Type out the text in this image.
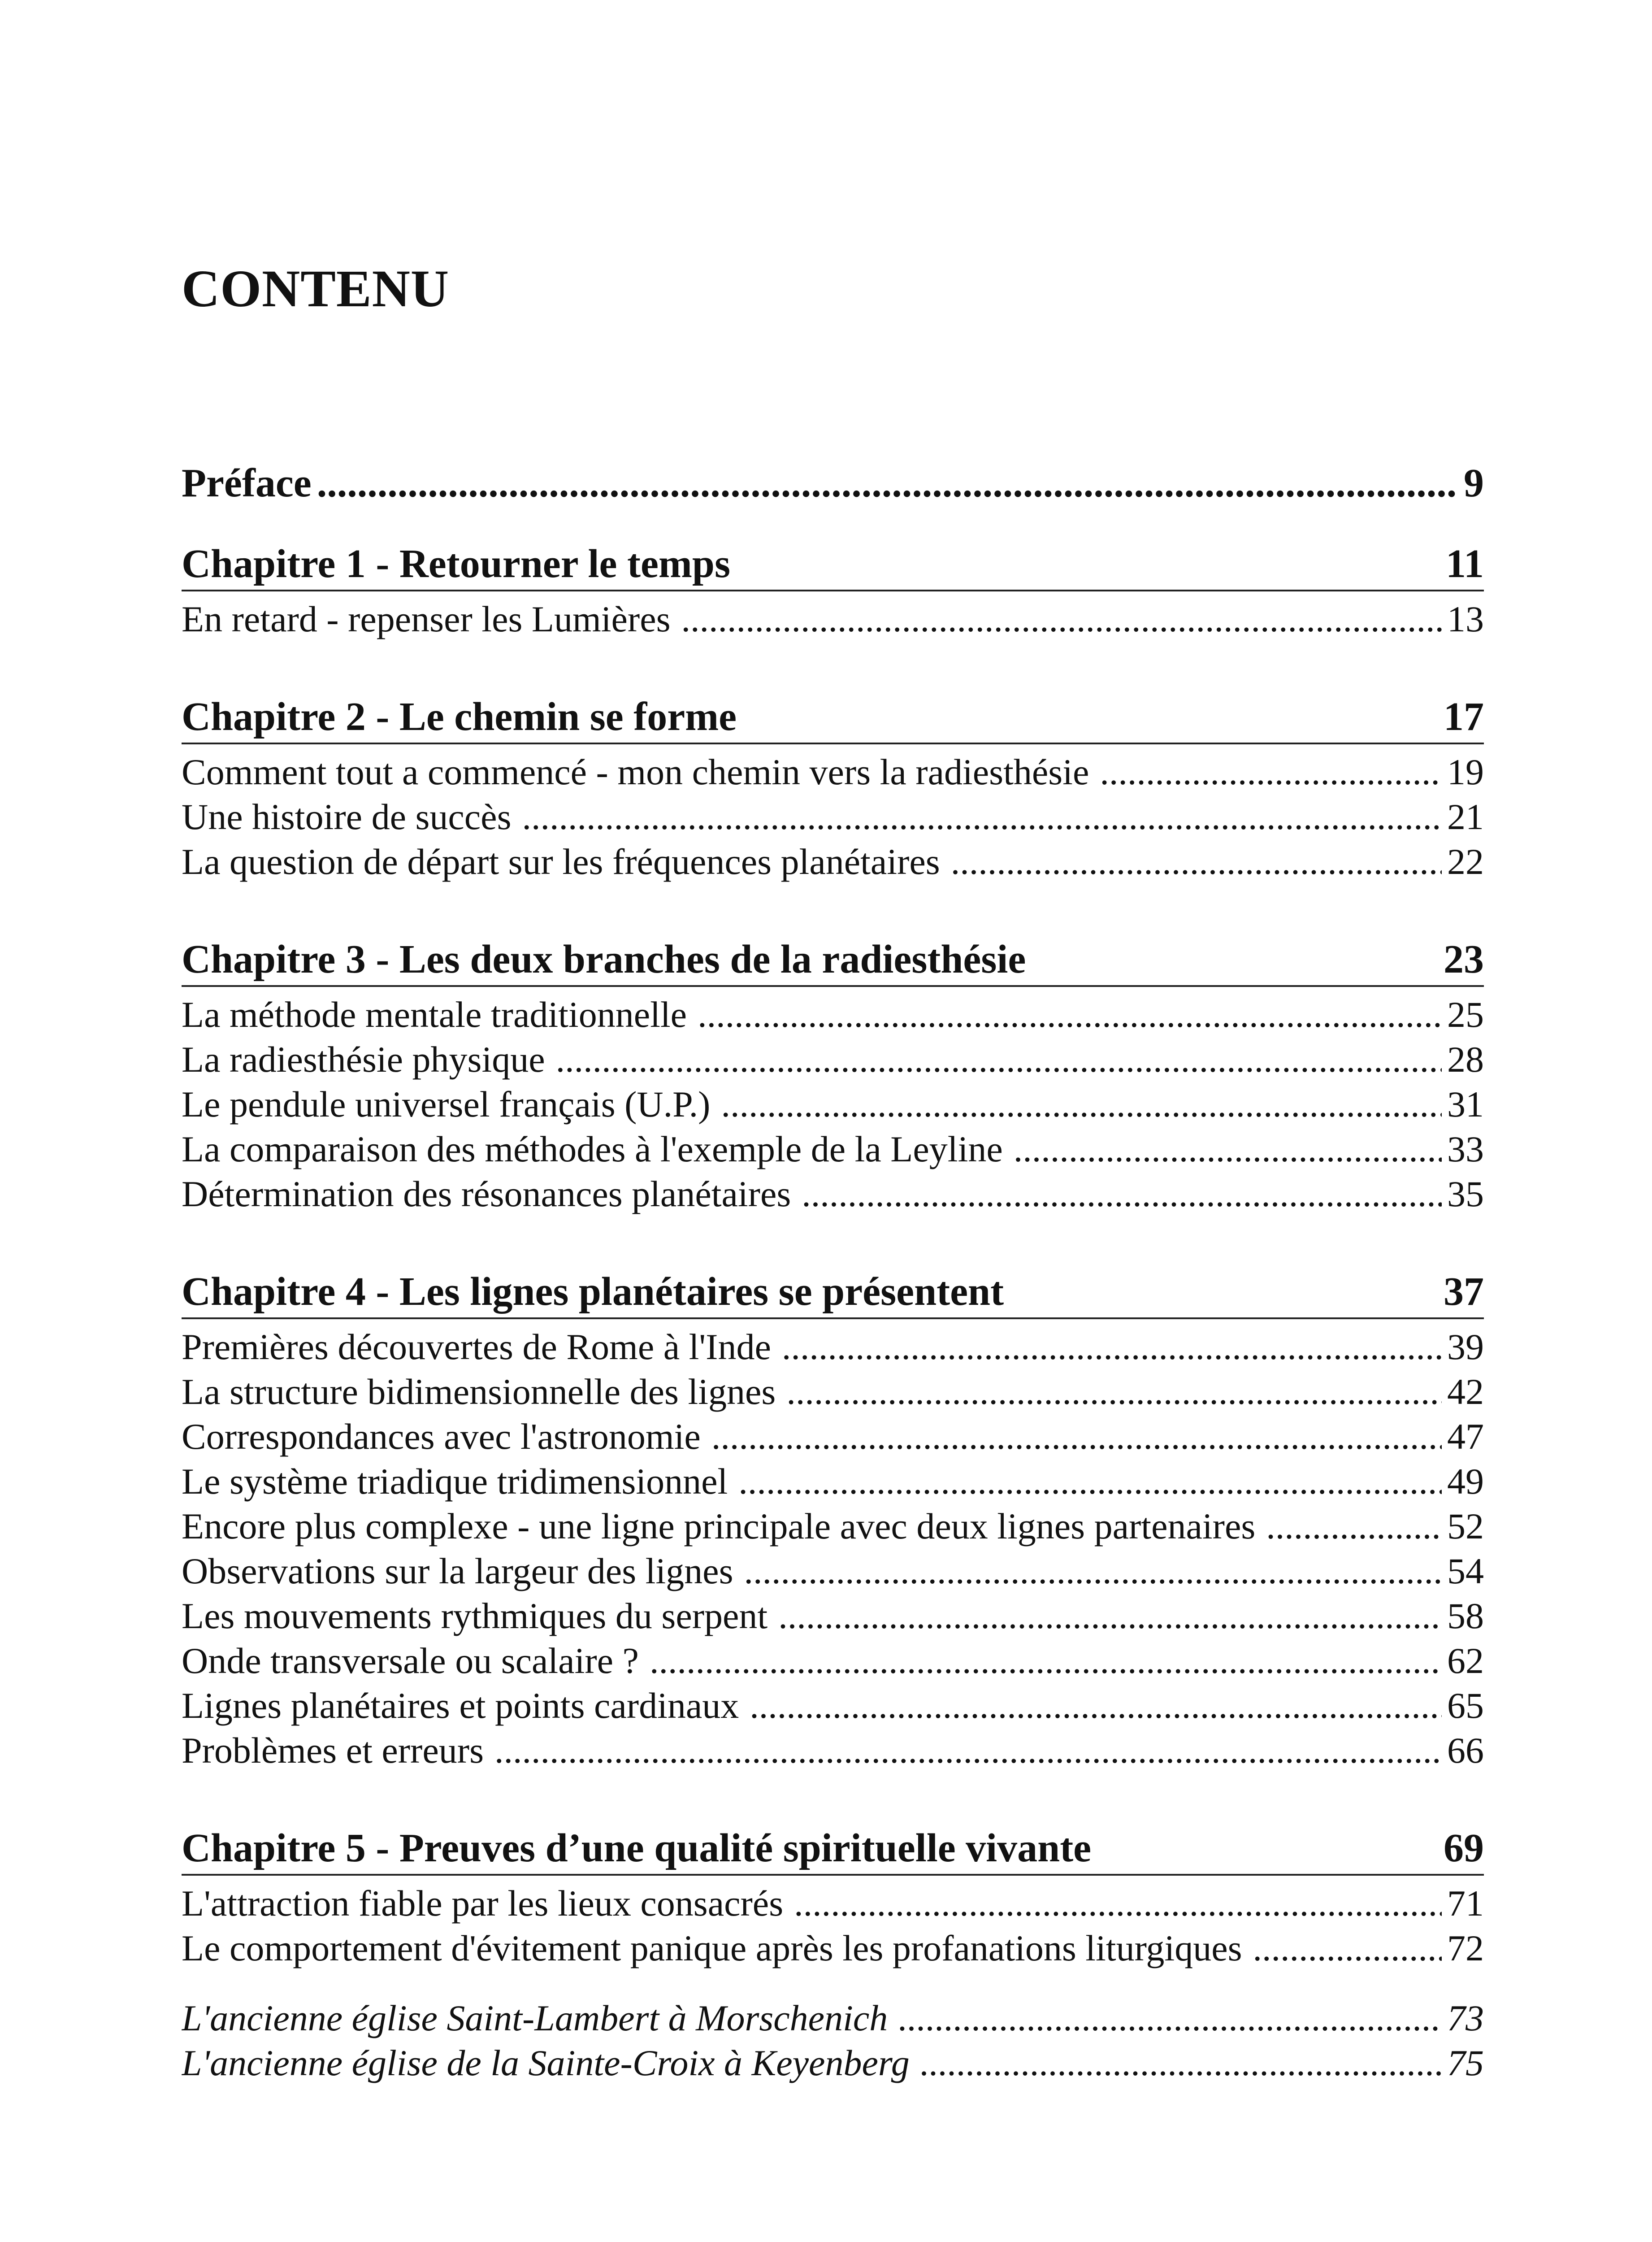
CONTENU
Préface .....	9
Chapitre 1 - Retourner le temps	11
En retard - repenser les Lumières .....	13
Chapitre 2 - Le chemin se forme	17
Comment tout a commencé - mon chemin vers la radiesthésie .....	19
Une histoire de succès .....	21
La question de départ sur les fréquences planétaires .....	22
Chapitre 3 - Les deux branches de la radiesthésie	23
La méthode mentale traditionnelle .....	25
La radiesthésie physique .....	28
Le pendule universel français (U.P.) .....	31
La comparaison des méthodes à l'exemple de la Leyline .....	33
Détermination des résonances planétaires .....	35
Chapitre 4 - Les lignes planétaires se présentent	37
Premières découvertes de Rome à l'Inde .....	39
La structure bidimensionnelle des lignes .....	42
Correspondances avec l'astronomie .....	47
Le système triadique tridimensionnel .....	49
Encore plus complexe - une ligne principale avec deux lignes partenaires .....	52
Observations sur la largeur des lignes .....	54
Les mouvements rythmiques du serpent .....	58
Onde transversale ou scalaire ? .....	62
Lignes planétaires et points cardinaux .....	65
Problèmes et erreurs .....	66
Chapitre 5 - Preuves d’une qualité spirituelle vivante	69
L'attraction fiable par les lieux consacrés .....	71
Le comportement d'évitement panique après les profanations liturgiques .....	72
L'ancienne église Saint-Lambert à Morschenich .....	73
L'ancienne église de la Sainte-Croix à Keyenberg .....	75
